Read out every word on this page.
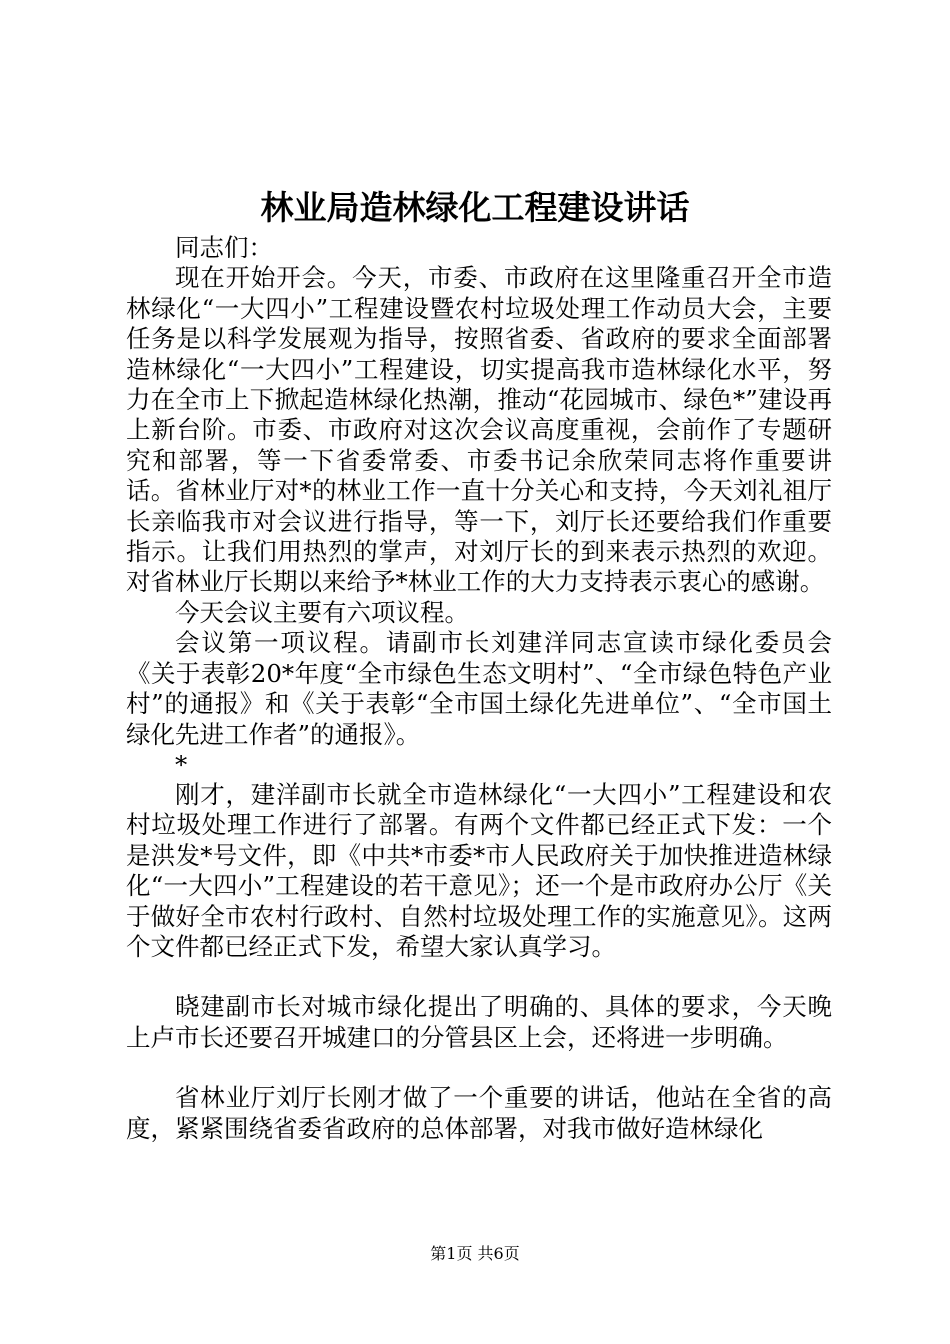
林业局造林绿化工程建设讲话

同志们：

现在开始开会。今天，市委、市政府在这里隆重召开全市造林绿化“一大四小”工程建设暨农村垃圾处理工作动员大会，主要任务是以科学发展观为指导，按照省委、省政府的要求全面部署造林绿化“一大四小”工程建设，切实提高我市造林绿化水平，努力在全市上下掀起造林绿化热潮，推动“花园城市、绿色*”建设再上新台阶。市委、市政府对这次会议高度重视，会前作了专题研究和部署，等一下省委常委、市委书记余欣荣同志将作重要讲话。省林业厅对*的林业工作一直十分关心和支持，今天刘礼祖厅长亲临我市对会议进行指导，等一下，刘厅长还要给我们作重要指示。让我们用热烈的掌声，对刘厅长的到来表示热烈的欢迎。对省林业厅长期以来给予*林业工作的大力支持表示衷心的感谢。

今天会议主要有六项议程。

会议第一项议程。请副市长刘建洋同志宣读市绿化委员会《关于表彰20*年度“全市绿色生态文明村”、“全市绿色特色产业村”的通报》和《关于表彰“全市国土绿化先进单位”、“全市国土绿化先进工作者”的通报》。

*

刚才，建洋副市长就全市造林绿化“一大四小”工程建设和农村垃圾处理工作进行了部署。有两个文件都已经正式下发：一个是洪发*号文件，即《中共*市委*市人民政府关于加快推进造林绿化“一大四小”工程建设的若干意见》；还一个是市政府办公厅《关于做好全市农村行政村、自然村垃圾处理工作的实施意见》。这两个文件都已经正式下发，希望大家认真学习。

晓建副市长对城市绿化提出了明确的、具体的要求，今天晚上卢市长还要召开城建口的分管县区上会，还将进一步明确。

省林业厅刘厅长刚才做了一个重要的讲话，他站在全省的高度，紧紧围绕省委省政府的总体部署，对我市做好造林绿化

第1页 共6页
